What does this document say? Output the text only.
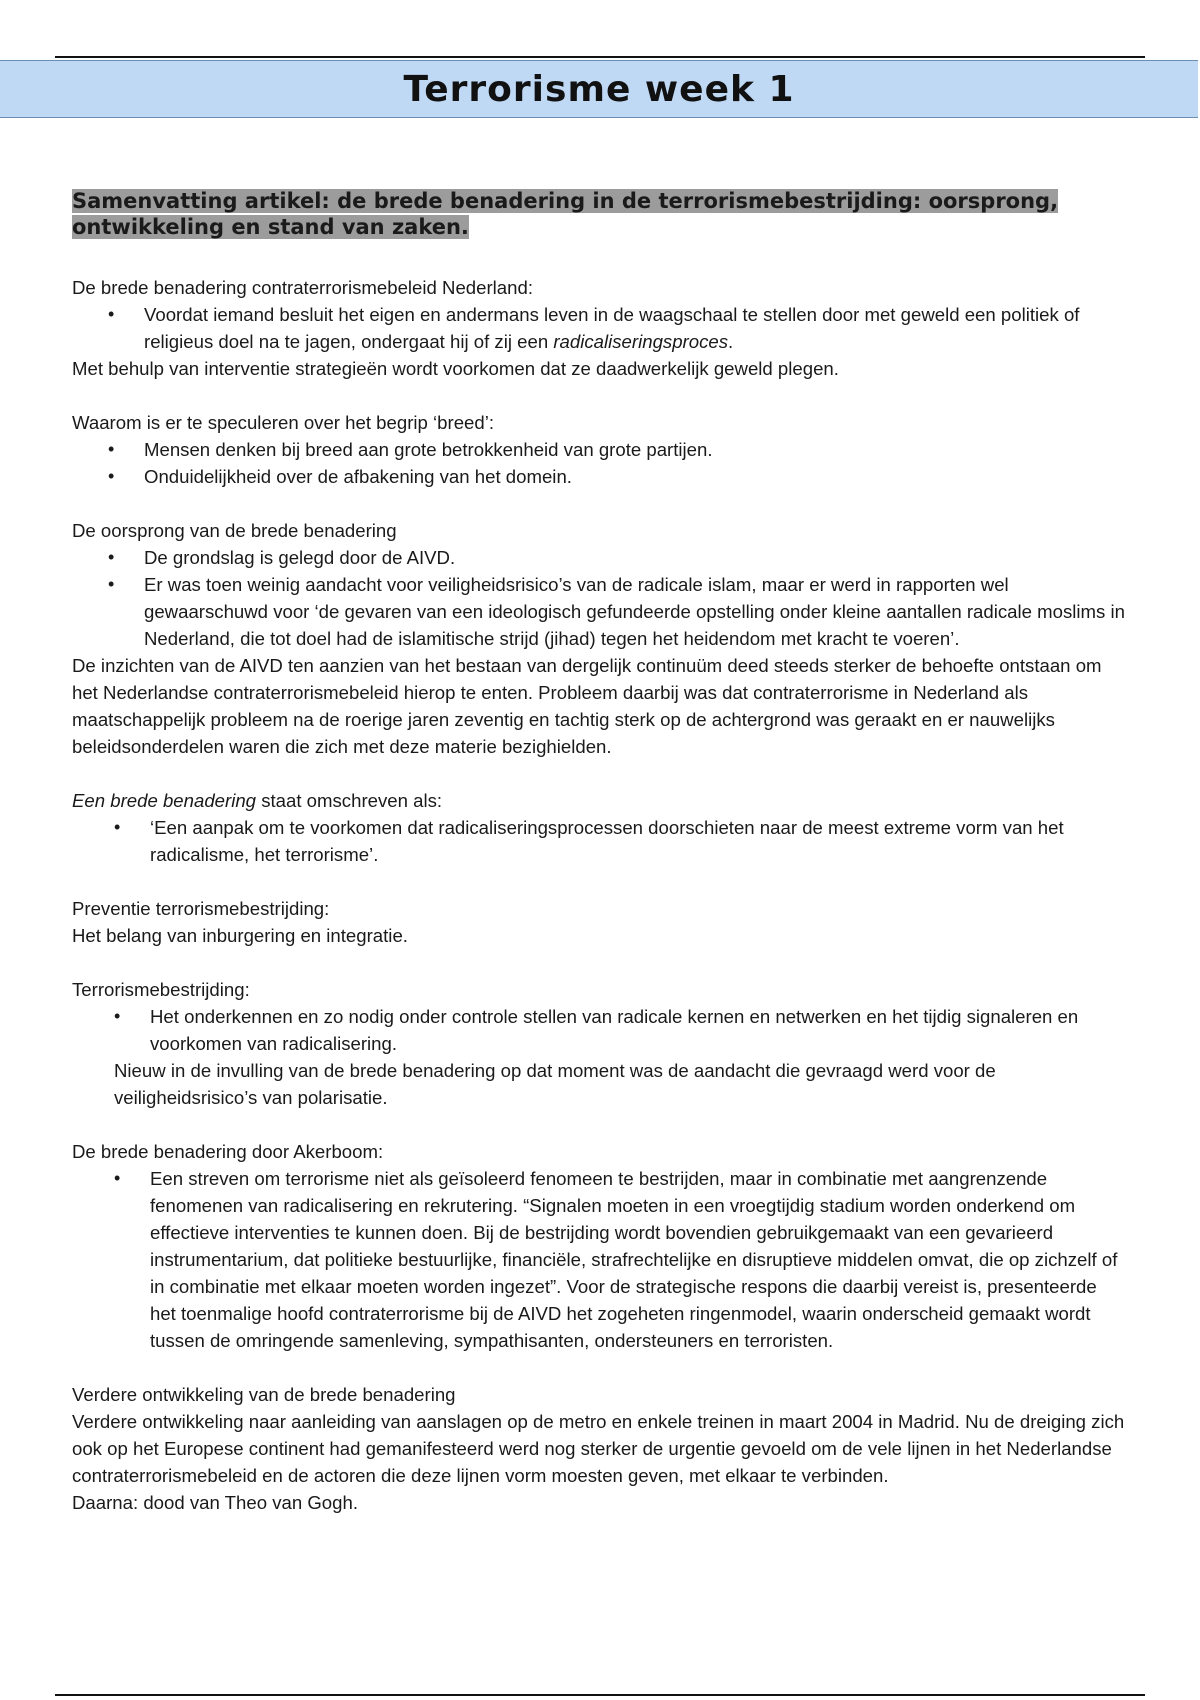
Terrorisme week 1

Samenvatting artikel: de brede benadering in de terrorismebestrijding: oorsprong, ontwikkeling en stand van zaken.

De brede benadering contraterrorismebeleid Nederland:

• Voordat iemand besluit het eigen en andermans leven in de waagschaal te stellen door met geweld een politiek of religieus doel na te jagen, ondergaat hij of zij een radicaliseringsproces.

Met behulp van interventie strategieën wordt voorkomen dat ze daadwerkelijk geweld plegen.

Waarom is er te speculeren over het begrip ‘breed’:

• Mensen denken bij breed aan grote betrokkenheid van grote partijen.
• Onduidelijkheid over de afbakening van het domein.

De oorsprong van de brede benadering

• De grondslag is gelegd door de AIVD.
• Er was toen weinig aandacht voor veiligheidsrisico’s van de radicale islam, maar er werd in rapporten wel gewaarschuwd voor ‘de gevaren van een ideologisch gefundeerde opstelling onder kleine aantallen radicale moslims in Nederland, die tot doel had de islamitische strijd (jihad) tegen het heidendom met kracht te voeren’.

De inzichten van de AIVD ten aanzien van het bestaan van dergelijk continuüm deed steeds sterker de behoefte ontstaan om het Nederlandse contraterrorismebeleid hierop te enten. Probleem daarbij was dat contraterrorisme in Nederland als maatschappelijk probleem na de roerige jaren zeventig en tachtig sterk op de achtergrond was geraakt en er nauwelijks beleidsonderdelen waren die zich met deze materie bezighielden.

Een brede benadering staat omschreven als:

• ‘Een aanpak om te voorkomen dat radicaliseringsprocessen doorschieten naar de meest extreme vorm van het radicalisme, het terrorisme’.

Preventie terrorismebestrijding:

Het belang van inburgering en integratie.

Terrorismebestrijding:

• Het onderkennen en zo nodig onder controle stellen van radicale kernen en netwerken en het tijdig signaleren en voorkomen van radicalisering.

Nieuw in de invulling van de brede benadering op dat moment was de aandacht die gevraagd werd voor de veiligheidsrisico’s van polarisatie.

De brede benadering door Akerboom:

• Een streven om terrorisme niet als geïsoleerd fenomeen te bestrijden, maar in combinatie met aangrenzende fenomenen van radicalisering en rekrutering. “Signalen moeten in een vroegtijdig stadium worden onderkend om effectieve interventies te kunnen doen. Bij de bestrijding wordt bovendien gebruikgemaakt van een gevarieerd instrumentarium, dat politieke bestuurlijke, financiële, strafrechtelijke en disruptieve middelen omvat, die op zichzelf of in combinatie met elkaar moeten worden ingezet”. Voor de strategische respons die daarbij vereist is, presenteerde het toenmalige hoofd contraterrorisme bij de AIVD het zogeheten ringenmodel, waarin onderscheid gemaakt wordt tussen de omringende samenleving, sympathisanten, ondersteuners en terroristen.

Verdere ontwikkeling van de brede benadering

Verdere ontwikkeling naar aanleiding van aanslagen op de metro en enkele treinen in maart 2004 in Madrid. Nu de dreiging zich ook op het Europese continent had gemanifesteerd werd nog sterker de urgentie gevoeld om de vele lijnen in het Nederlandse contraterrorismebeleid en de actoren die deze lijnen vorm moesten geven, met elkaar te verbinden.

Daarna: dood van Theo van Gogh.
